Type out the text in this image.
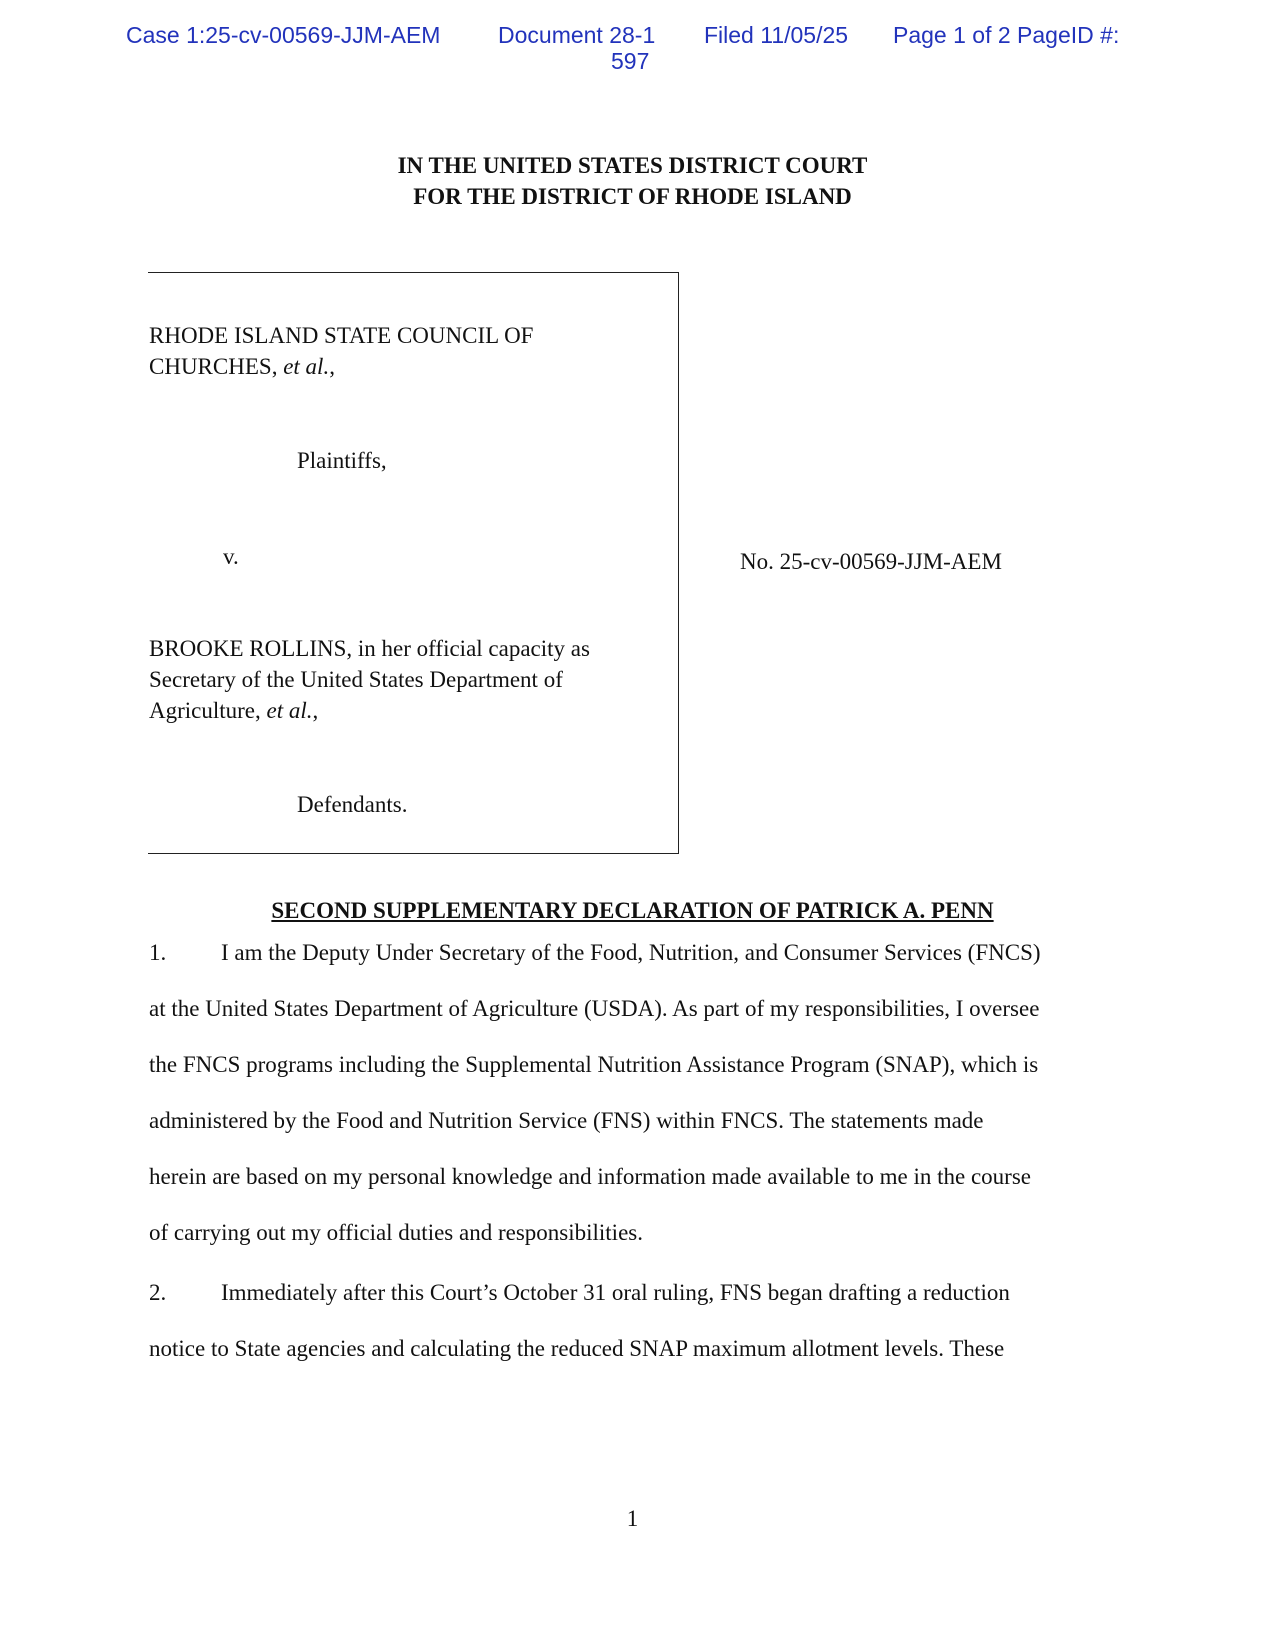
Case 1:25-cv-00569-JJM-AEM	Document 28-1 Filed 11/05/25 Page 1 of 2 PageID #:
597
IN THE UNITED STATES DISTRICT COURT
FOR THE DISTRICT OF RHODE ISLAND
RHODE ISLAND STATE COUNCIL OF
CHURCHES, et al.,
Plaintiffs,
v.
BROOKE ROLLINS, in her official capacity as
Secretary of the United States Department of
Agriculture, et al.,
Defendants.
No. 25-cv-00569-JJM-AEM
SECOND SUPPLEMENTARY DECLARATION OF PATRICK A. PENN
1. I am the Deputy Under Secretary of the Food, Nutrition, and Consumer Services (FNCS)
at the United States Department of Agriculture (USDA). As part of my responsibilities, I oversee
the FNCS programs including the Supplemental Nutrition Assistance Program (SNAP), which is
administered by the Food and Nutrition Service (FNS) within FNCS. The statements made
herein are based on my personal knowledge and information made available to me in the course
of carrying out my official duties and responsibilities.
2. Immediately after this Court’s October 31 oral ruling, FNS began drafting a reduction
notice to State agencies and calculating the reduced SNAP maximum allotment levels. These
1
